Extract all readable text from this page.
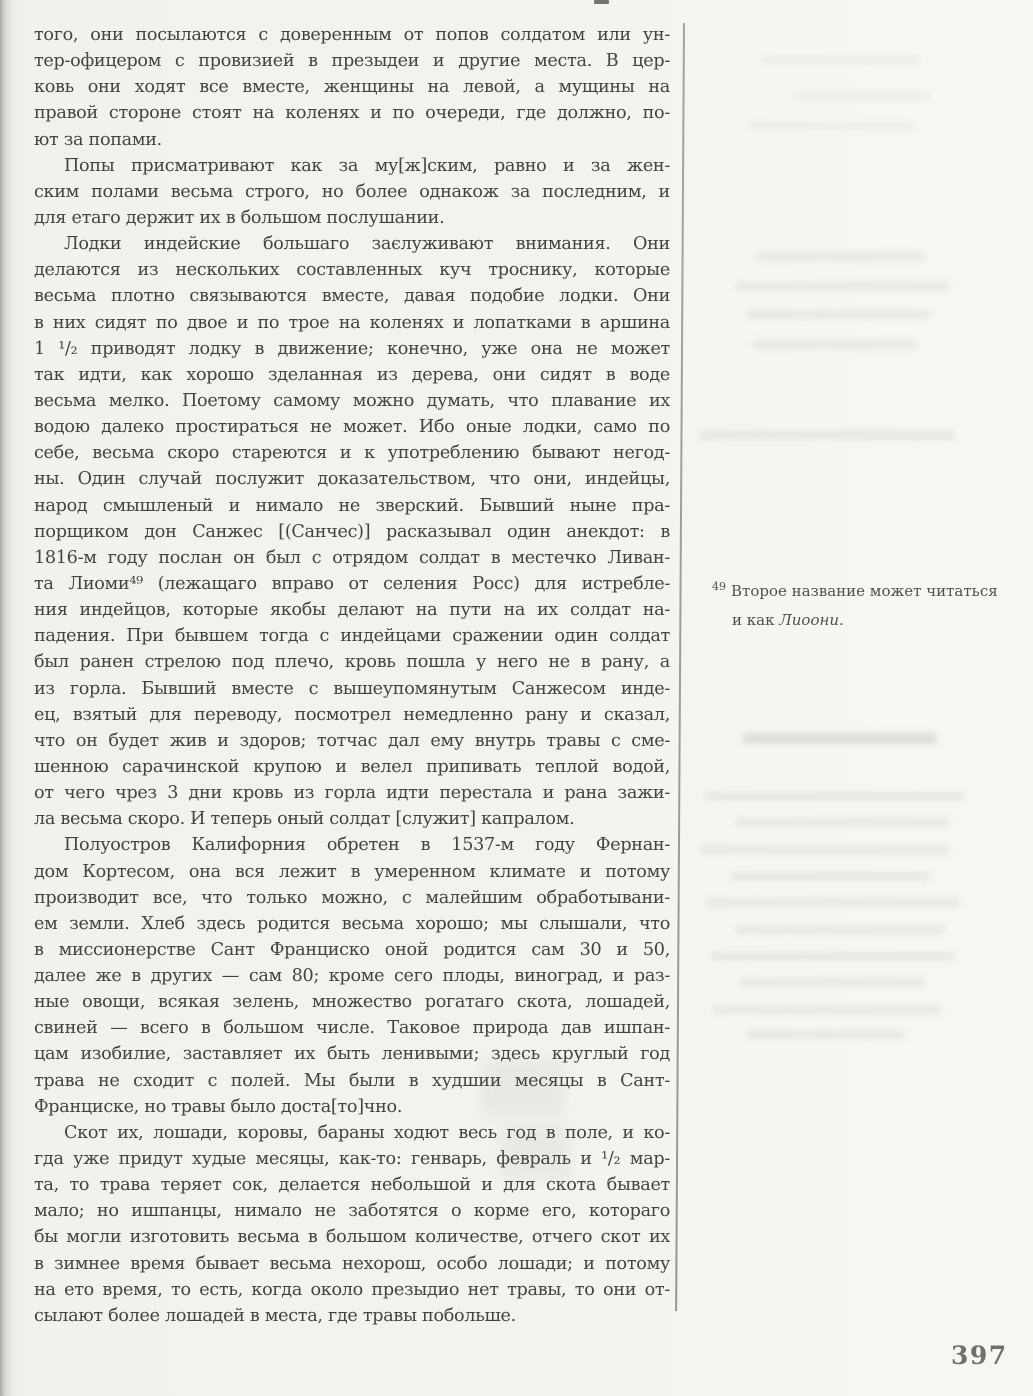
того, они посылаются с доверенным от попов солдатом или ун-
тер-офицером с провизией в презыдеи и другие места. В цер-
ковь они ходят все вместе, женщины на левой, а мущины на
правой стороне стоят на коленях и по очереди, где должно, по-
ют за попами.
Попы присматривают как за му[ж]ским, равно и за жен-
ским полами весьма строго, но более однакож за последним, и
для етаго держит их в большом послушании.
Лодки индейские большаго заєлуживают внимания. Они
делаются из нескольких составленных куч троснику, которые
весьма плотно связываются вместе, давая подобие лодки. Они
в них сидят по двое и по трое на коленях и лопатками в аршина
1 ¹/₂ приводят лодку в движение; конечно, уже она не может
так идти, как хорошо зделанная из дерева, они сидят в воде
весьма мелко. Поетому самому можно думать, что плавание их
водою далеко простираться не может. Ибо оные лодки, само по
себе, весьма скоро стареются и к употреблению бывают негод-
ны. Один случай послужит доказательством, что они, индейцы,
народ смышленый и нимало не зверский. Бывший ныне пра-
порщиком дон Санжес [(Санчес)] расказывал один анекдот: в
1816-м году послан он был с отрядом солдат в местечко Ливан-
та Лиоми⁴⁹ (лежащаго вправо от селения Росс) для истребле-
ния индейцов, которые якобы делают на пути на их солдат на-
падения. При бывшем тогда с индейцами сражении один солдат
был ранен стрелою под плечо, кровь пошла у него не в рану, а
из горла. Бывший вместе с вышеупомянутым Санжесом инде-
ец, взятый для переводу, посмотрел немедленно рану и сказал,
что он будет жив и здоров; тотчас дал ему внутрь травы с сме-
шенною сарачинской крупою и велел припивать теплой водой,
от чего чрез 3 дни кровь из горла идти перестала и рана зажи-
ла весьма скоро. И теперь оный солдат [служит] капралом.
Полуостров Калифорния обретен в 1537-м году Фернан-
дом Кортесом, она вся лежит в умеренном климате и потому
производит все, что только можно, с малейшим обработывани-
ем земли. Хлеб здесь родится весьма хорошо; мы слышали, что
в миссионерстве Сант Франциско оной родится сам 30 и 50,
далее же в других — сам 80; кроме сего плоды, виноград, и раз-
ные овощи, всякая зелень, множество рогатаго скота, лошадей,
свиней — всего в большом числе. Таковое природа дав ишпан-
цам изобилие, заставляет их быть ленивыми; здесь круглый год
трава не сходит с полей. Мы были в худшии месяцы в Сант-
Франциске, но травы было доста[то]чно.
Скот их, лошади, коровы, бараны ходют весь год в поле, и ко-
гда уже придут худые месяцы, как-то: генварь, февраль и ¹/₂ мар-
та, то трава теряет сок, делается небольшой и для скота бывает
мало; но ишпанцы, нимало не заботятся о корме его, котораго
бы могли изготовить весьма в большом количестве, отчего скот их
в зимнее время бывает весьма нехорош, особо лошади; и потому
на ето время, то есть, когда около презыдио нет травы, то они от-
сылают более лошадей в места, где травы побольше.
$^{49}$ Второе название может читаться
и как Лиоони.
397
